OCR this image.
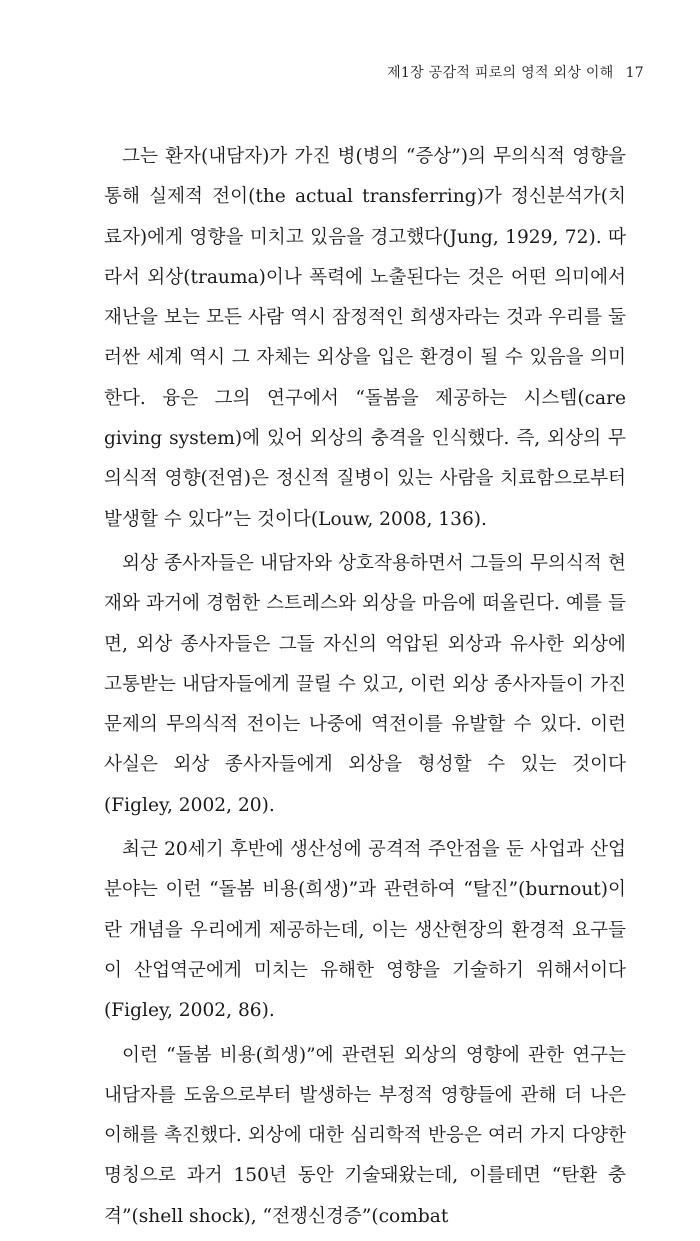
제1장 공감적 피로의 영적 외상 이해 17

그는 환자(내담자)가 가진 병(병의 “증상”)의 무의식적 영향을 통해 실제적 전이(the actual transferring)가 정신분석가(치료자)에게 영향을 미치고 있음을 경고했다(Jung, 1929, 72). 따라서 외상(trauma)이나 폭력에 노출된다는 것은 어떤 의미에서 재난을 보는 모든 사람 역시 잠정적인 희생자라는 것과 우리를 둘러싼 세계 역시 그 자체는 외상을 입은 환경이 될 수 있음을 의미한다. 융은 그의 연구에서 “돌봄을 제공하는 시스템(care giving system)에 있어 외상의 충격을 인식했다. 즉, 외상의 무의식적 영향(전염)은 정신적 질병이 있는 사람을 치료함으로부터 발생할 수 있다”는 것이다(Louw, 2008, 136).

외상 종사자들은 내담자와 상호작용하면서 그들의 무의식적 현재와 과거에 경험한 스트레스와 외상을 마음에 떠올린다. 예를 들면, 외상 종사자들은 그들 자신의 억압된 외상과 유사한 외상에 고통받는 내담자들에게 끌릴 수 있고, 이런 외상 종사자들이 가진 문제의 무의식적 전이는 나중에 역전이를 유발할 수 있다. 이런 사실은 외상 종사자들에게 외상을 형성할 수 있는 것이다(Figley, 2002, 20).

최근 20세기 후반에 생산성에 공격적 주안점을 둔 사업과 산업 분야는 이런 “돌봄 비용(희생)”과 관련하여 “탈진”(burnout)이란 개념을 우리에게 제공하는데, 이는 생산현장의 환경적 요구들이 산업역군에게 미치는 유해한 영향을 기술하기 위해서이다(Figley, 2002, 86).

이런 “돌봄 비용(희생)”에 관련된 외상의 영향에 관한 연구는 내담자를 도움으로부터 발생하는 부정적 영향들에 관해 더 나은 이해를 촉진했다. 외상에 대한 심리학적 반응은 여러 가지 다양한 명칭으로 과거 150년 동안 기술돼왔는데, 이를테면 “탄환 충격”(shell shock), “전쟁신경증”(combat
